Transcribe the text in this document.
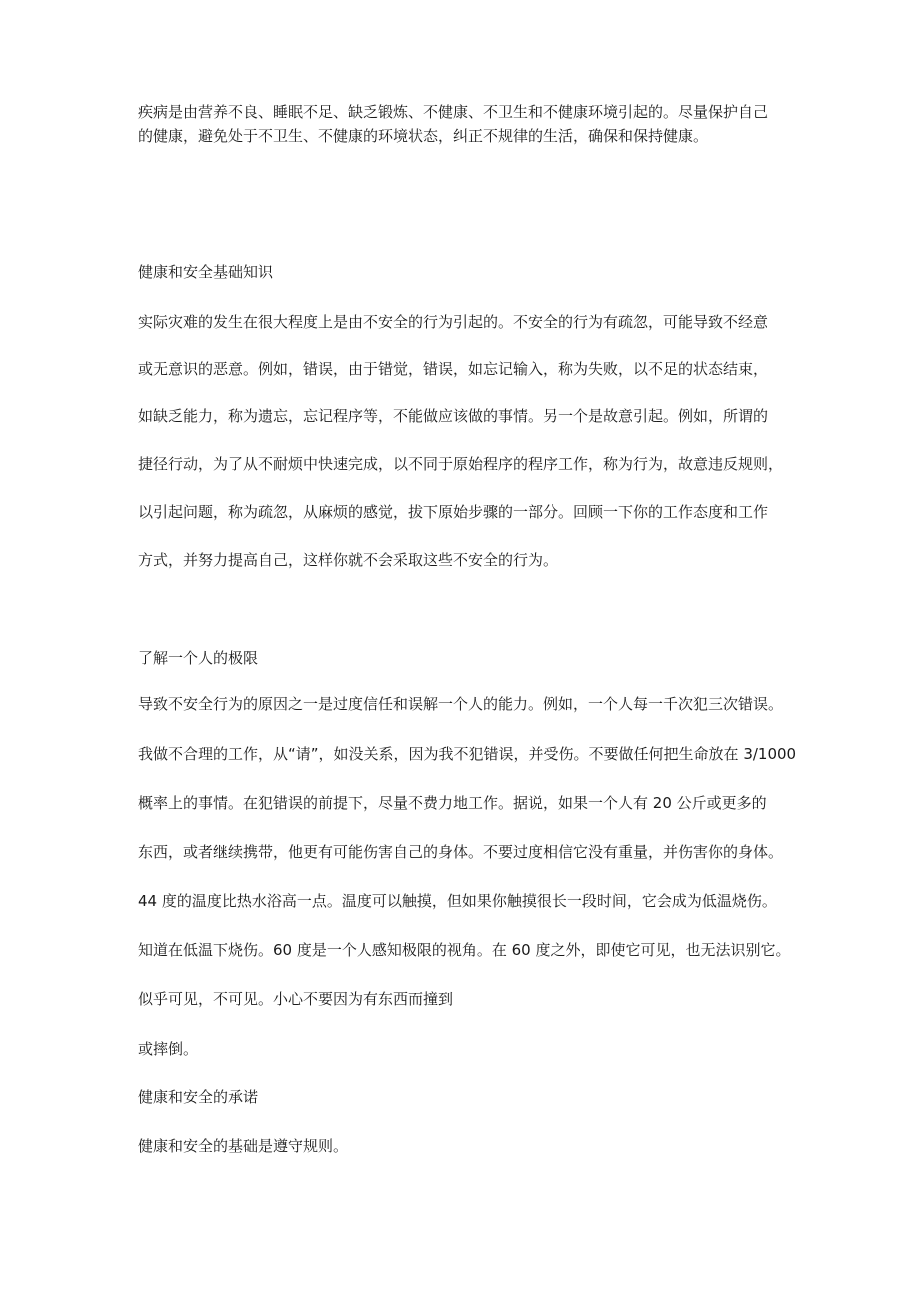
疾病是由营养不良、睡眠不足、缺乏锻炼、不健康、不卫生和不健康环境引起的。尽量保护自己
的健康，避免处于不卫生、不健康的环境状态，纠正不规律的生活，确保和保持健康。
健康和安全基础知识
实际灾难的发生在很大程度上是由不安全的行为引起的。不安全的行为有疏忽，可能导致不经意
或无意识的恶意。例如，错误，由于错觉，错误，如忘记输入，称为失败，以不足的状态结束，
如缺乏能力，称为遗忘，忘记程序等，不能做应该做的事情。另一个是故意引起。例如，所谓的
捷径行动，为了从不耐烦中快速完成，以不同于原始程序的程序工作，称为行为，故意违反规则，
以引起问题，称为疏忽，从麻烦的感觉，拔下原始步骤的一部分。回顾一下你的工作态度和工作
方式，并努力提高自己，这样你就不会采取这些不安全的行为。
了解一个人的极限
导致不安全行为的原因之一是过度信任和误解一个人的能力。例如，一个人每一千次犯三次错误。
我做不合理的工作，从“请”，如没关系，因为我不犯错误，并受伤。不要做任何把生命放在 3/1000
概率上的事情。在犯错误的前提下，尽量不费力地工作。据说，如果一个人有 20 公斤或更多的
东西，或者继续携带，他更有可能伤害自己的身体。不要过度相信它没有重量，并伤害你的身体。
44 度的温度比热水浴高一点。温度可以触摸，但如果你触摸很长一段时间，它会成为低温烧伤。
知道在低温下烧伤。60 度是一个人感知极限的视角。在 60 度之外，即使它可见，也无法识别它。
似乎可见，不可见。小心不要因为有东西而撞到
或摔倒。
健康和安全的承诺
健康和安全的基础是遵守规则。
